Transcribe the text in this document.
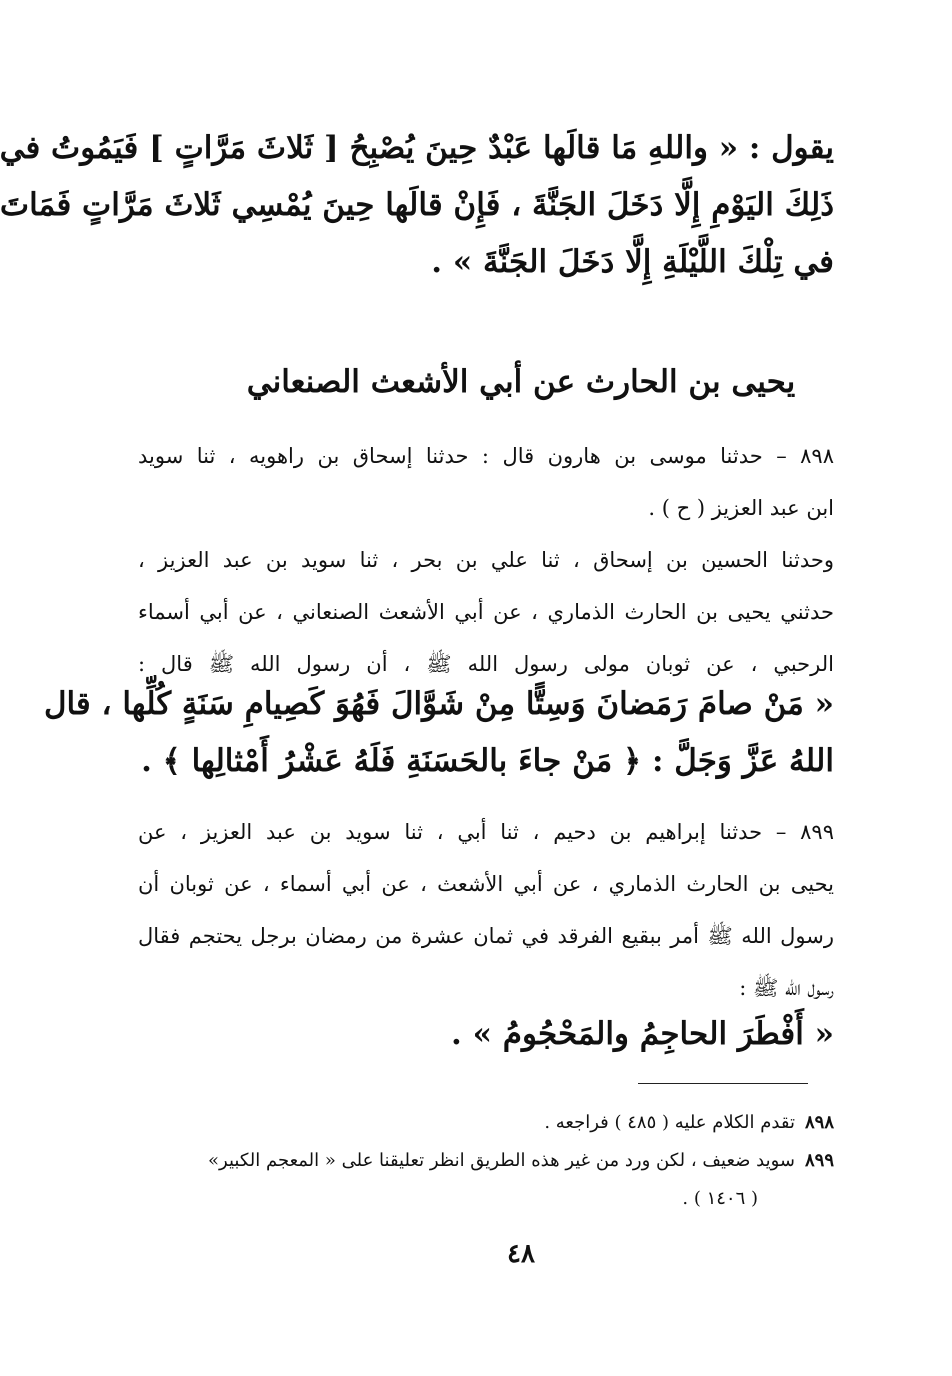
يقول : « واللهِ مَا قالَها عَبْدٌ حِينَ يُصْبِحُ [ ثَلاثَ مَرَّاتٍ ] فَيَمُوتُ في
ذَلِكَ اليَوْمِ إِلَّا دَخَلَ الجَنَّةَ ، فَإِنْ قالَها حِينَ يُمْسِي ثَلاثَ مَرَّاتٍ فَمَاتَ
في تِلْكَ اللَّيْلَةِ إِلَّا دَخَلَ الجَنَّةَ » .
يحيى بن الحارث عن أبي الأشعث الصنعاني
٨٩٨ – حدثنا موسى بن هارون قال : حدثنا إسحاق بن راهويه ، ثنا سويد
ابن عبد العزيز ( ح ) .
وحدثنا الحسين بن إسحاق ، ثنا علي بن بحر ، ثنا سويد بن عبد العزيز ،
حدثني يحيى بن الحارث الذماري ، عن أبي الأشعث الصنعاني ، عن أبي أسماء
الرحبي ، عن ثوبان مولى رسول الله ﷺ ، أن رسول الله ﷺ قال :
« مَنْ صامَ رَمَضانَ وَسِتًّا مِنْ شَوَّالَ فَهُوَ كَصِيامِ سَنَةٍ كُلِّها ، قال
اللهُ عَزَّ وَجَلَّ : ﴿ مَنْ جاءَ بالحَسَنَةِ فَلَهُ عَشْرُ أَمْثالِها ﴾ .
٨٩٩ – حدثنا إبراهيم بن دحيم ، ثنا أبي ، ثنا سويد بن عبد العزيز ، عن
يحيى بن الحارث الذماري ، عن أبي الأشعث ، عن أبي أسماء ، عن ثوبان أن
رسول الله ﷺ أمر ببقيع الفرقد في ثمان عشرة من رمضان برجل يحتجم فقال
رسول الله ﷺ :
« أَفْطَرَ الحاجِمُ والمَحْجُومُ » .
٨٩٨تقدم الكلام عليه ( ٤٨٥ ) فراجعه .
٨٩٩سويد ضعيف ، لكن ورد من غير هذه الطريق انظر تعليقنا على « المعجم الكبير»
( ١٤٠٦ ) .
٤٨
